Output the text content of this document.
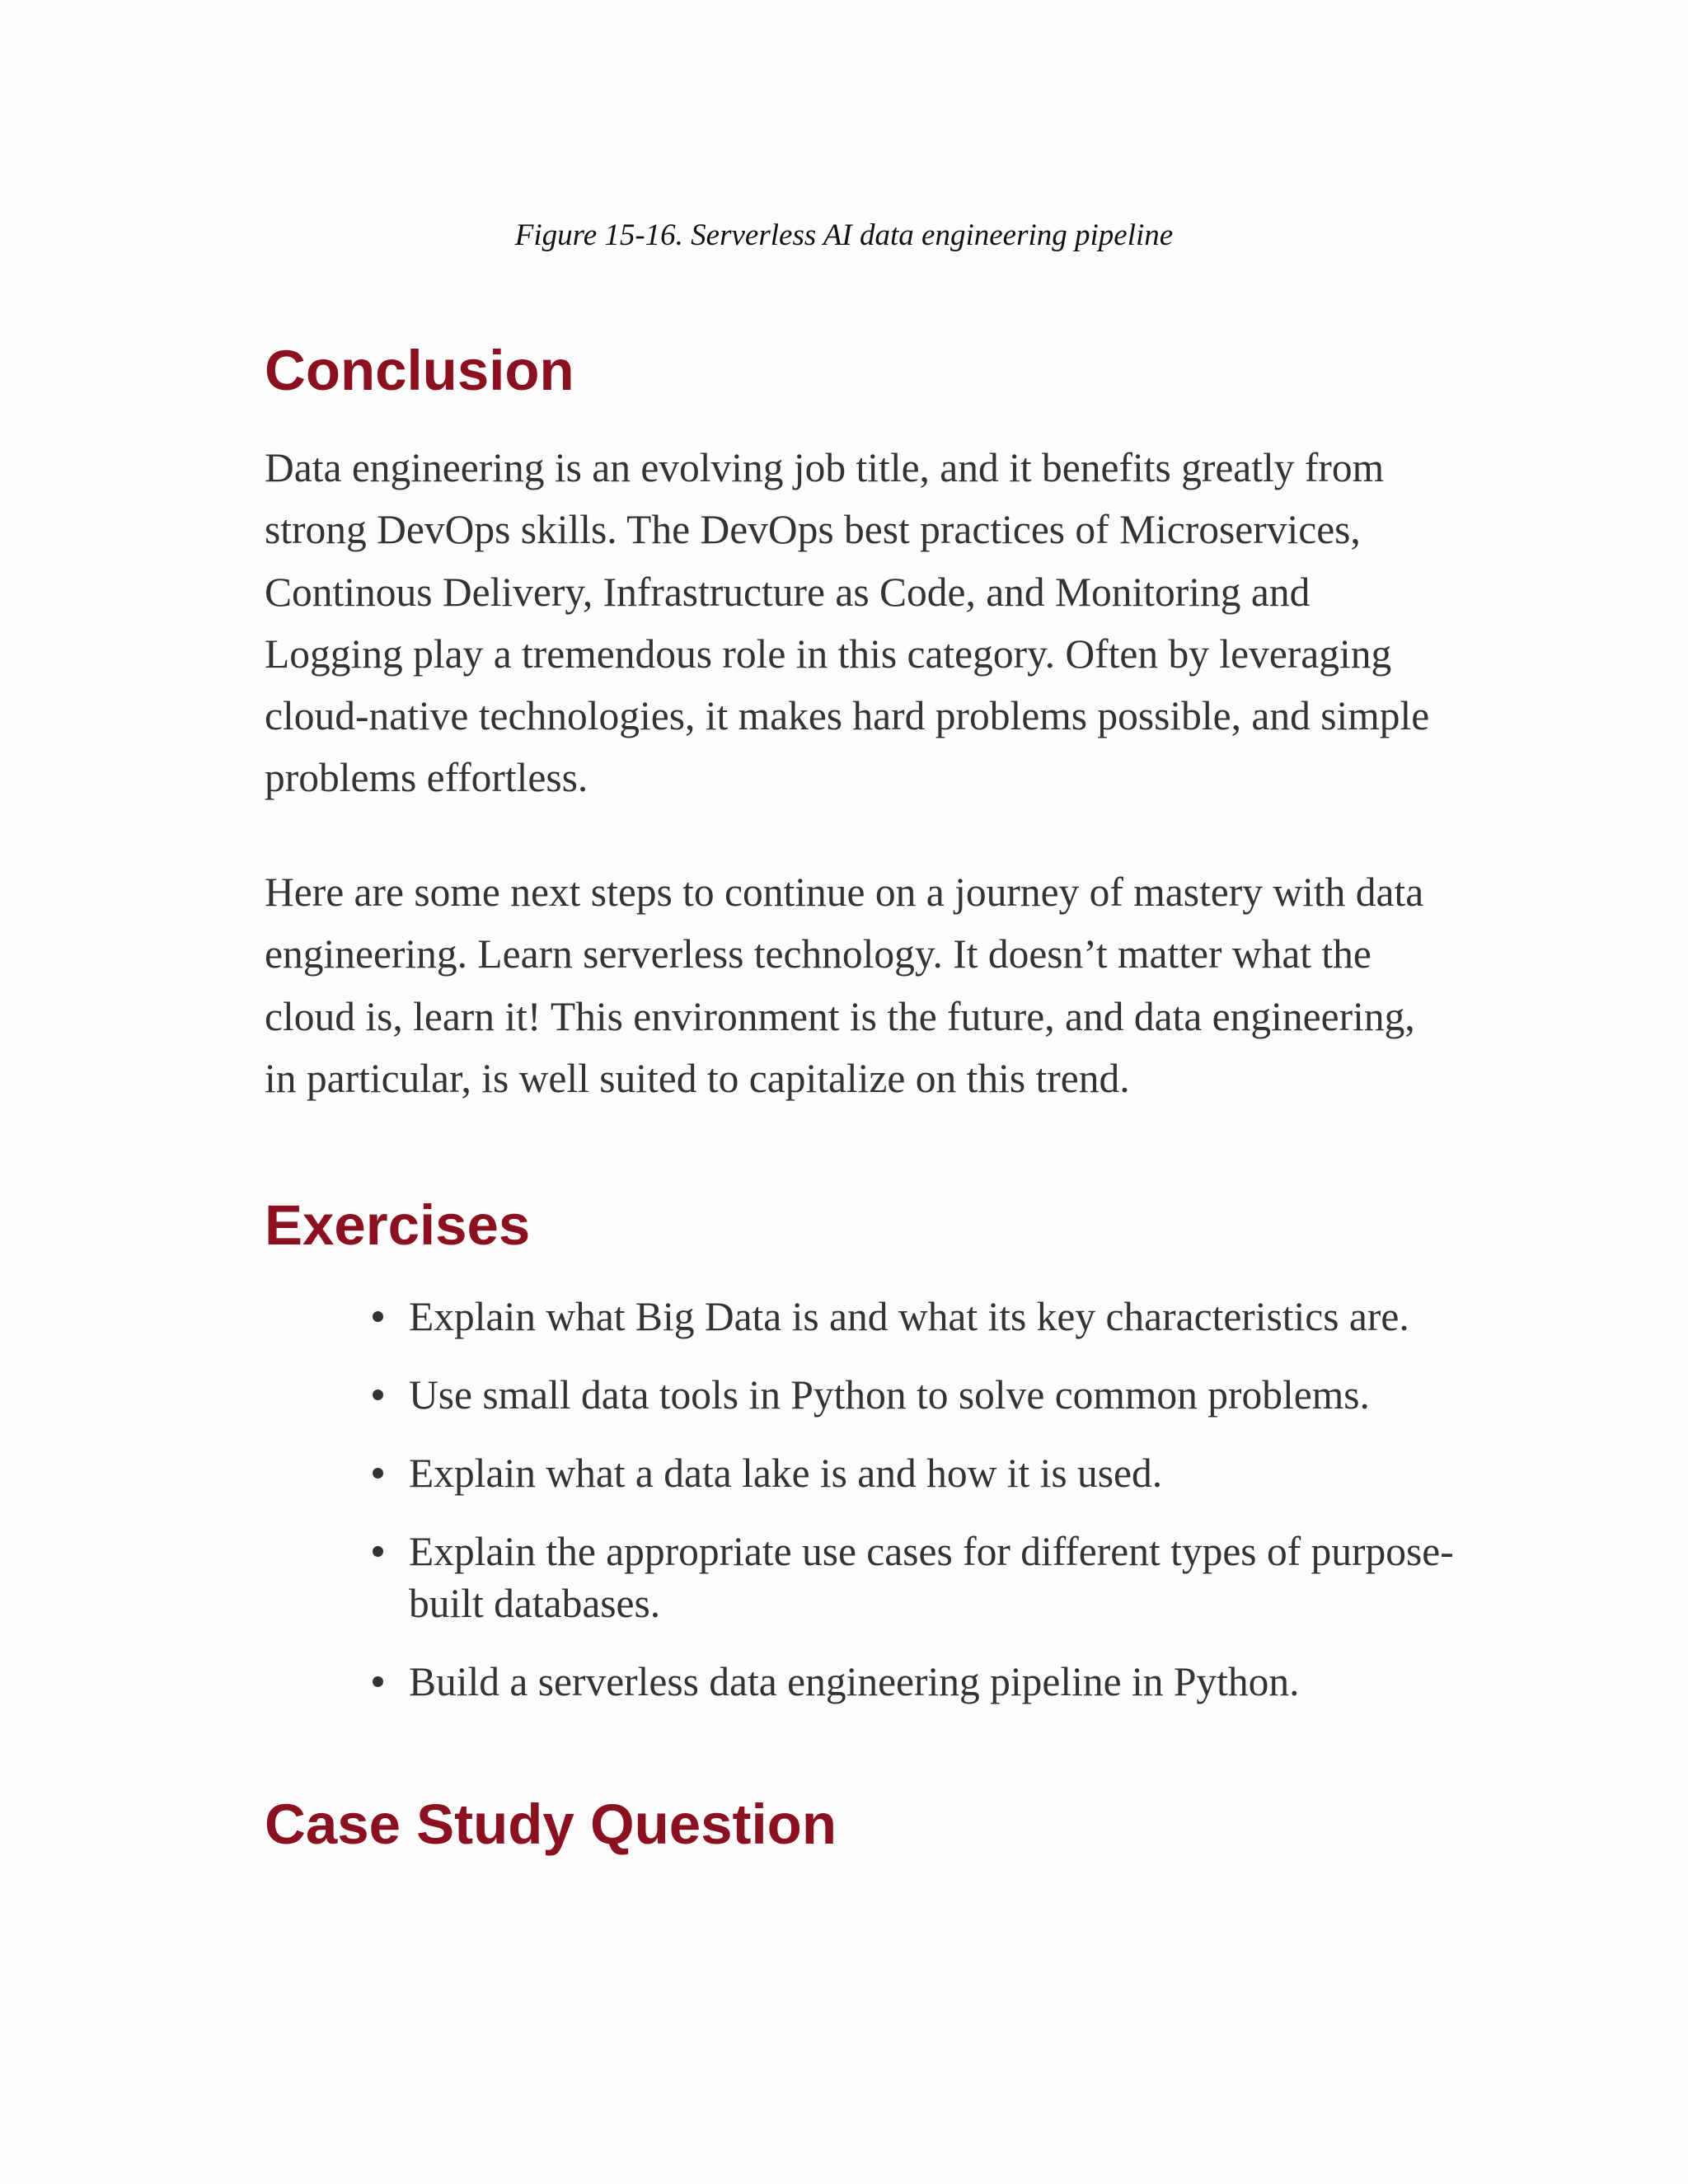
Figure 15-16. Serverless AI data engineering pipeline
Conclusion

Data engineering is an evolving job title, and it benefits greatly from strong DevOps skills. The DevOps best practices of Microservices, Continous Delivery, Infrastructure as Code, and Monitoring and Logging play a tremendous role in this category. Often by leveraging cloud-native technologies, it makes hard problems possible, and simple problems effortless.

Here are some next steps to continue on a journey of mastery with data engineering. Learn serverless technology. It doesn’t matter what the cloud is, learn it! This environment is the future, and data engineering, in particular, is well suited to capitalize on this trend.

Exercises
Explain what Big Data is and what its key characteristics are.
Use small data tools in Python to solve common problems.
Explain what a data lake is and how it is used.
Explain the appropriate use cases for different types of purpose-built databases.
Build a serverless data engineering pipeline in Python.
Case Study Question
